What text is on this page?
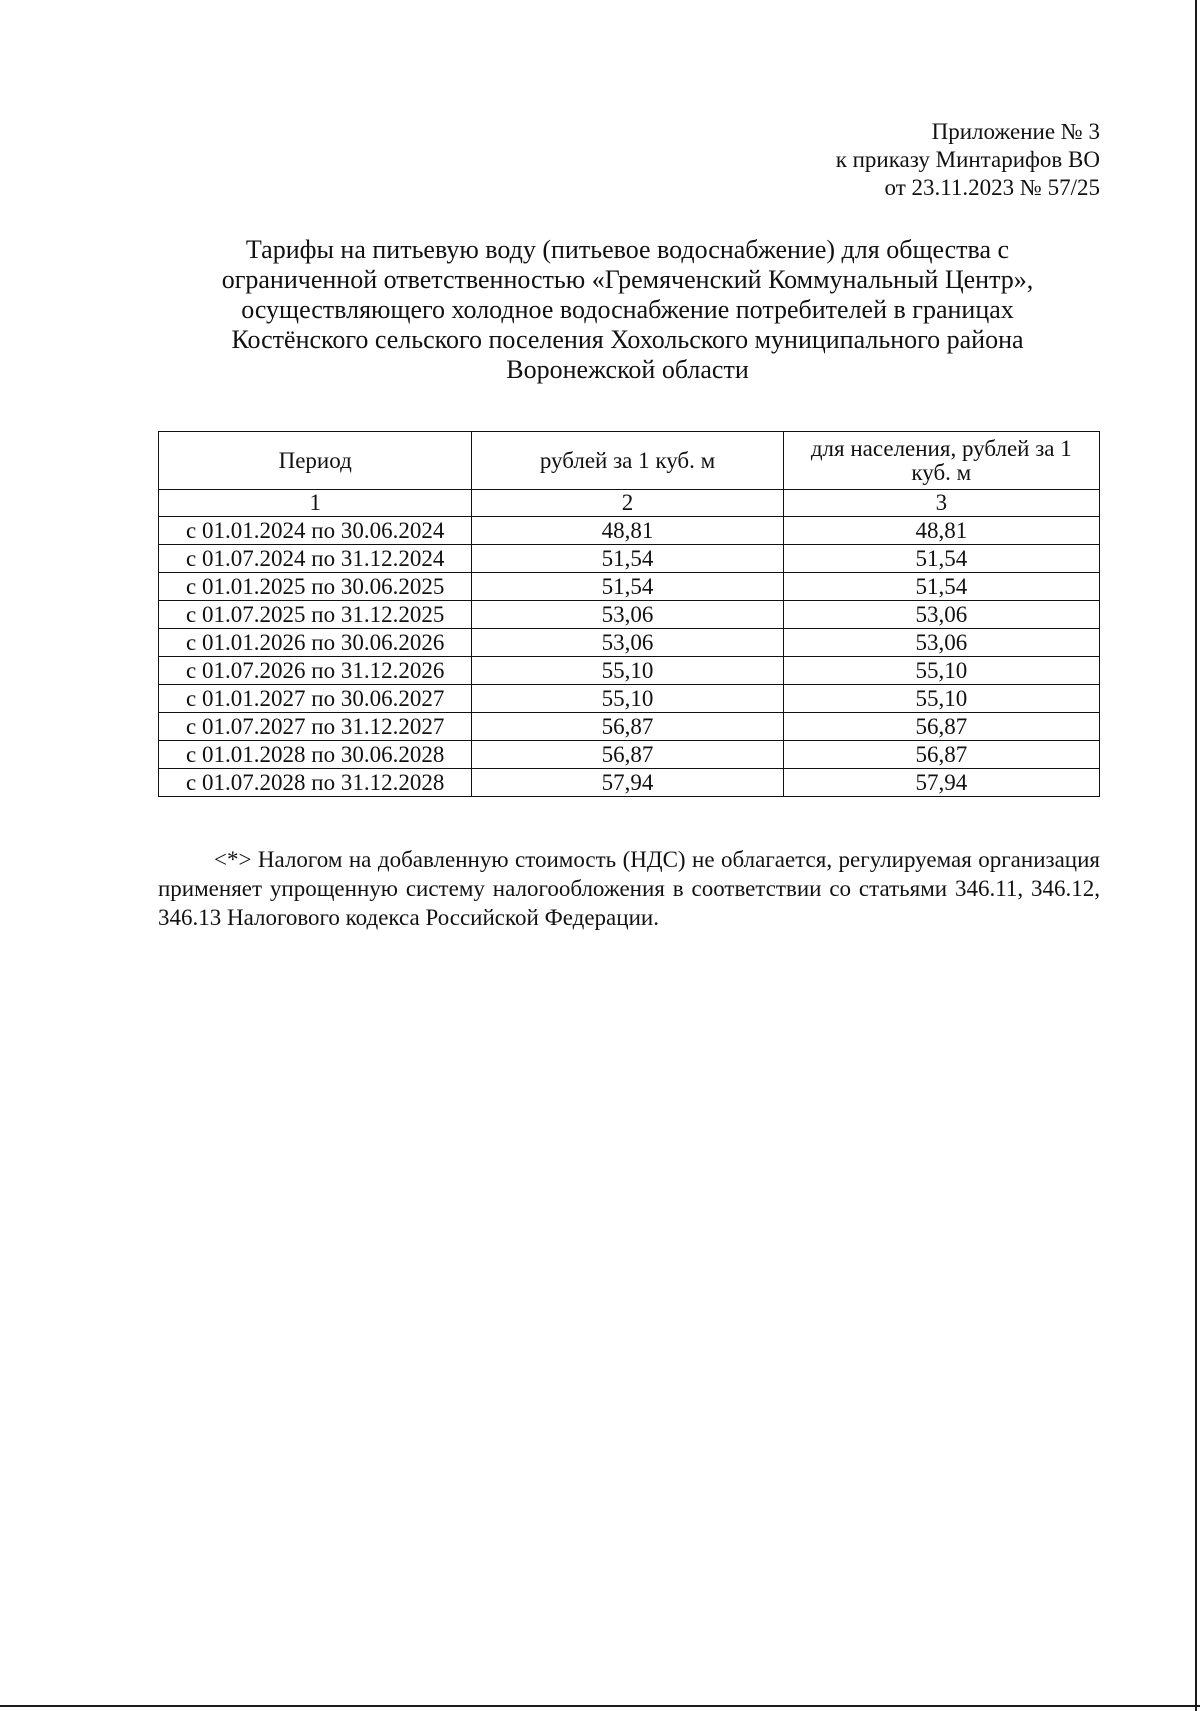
Приложение № 3
к приказу Минтарифов ВО
от 23.11.2023 № 57/25
Тарифы на питьевую воду (питьевое водоснабжение) для общества с
ограниченной ответственностью «Гремяченский Коммунальный Центр»,
осуществляющего холодное водоснабжение потребителей в границах
Костёнского сельского поселения Хохольского муниципального района
Воронежской области
Период	рублей за 1 куб. м	для населения, рублей за 1 куб. м
1	2	3
с 01.01.2024 по 30.06.2024	48,81	48,81
с 01.07.2024 по 31.12.2024	51,54	51,54
с 01.01.2025 по 30.06.2025	51,54	51,54
с 01.07.2025 по 31.12.2025	53,06	53,06
с 01.01.2026 по 30.06.2026	53,06	53,06
с 01.07.2026 по 31.12.2026	55,10	55,10
с 01.01.2027 по 30.06.2027	55,10	55,10
с 01.07.2027 по 31.12.2027	56,87	56,87
с 01.01.2028 по 30.06.2028	56,87	56,87
с 01.07.2028 по 31.12.2028	57,94	57,94
<*> Налогом на добавленную стоимость (НДС) не облагается, регулируемая организация применяет упрощенную систему налогообложения в соответствии со статьями 346.11, 346.12, 346.13 Налогового кодекса Российской Федерации.
